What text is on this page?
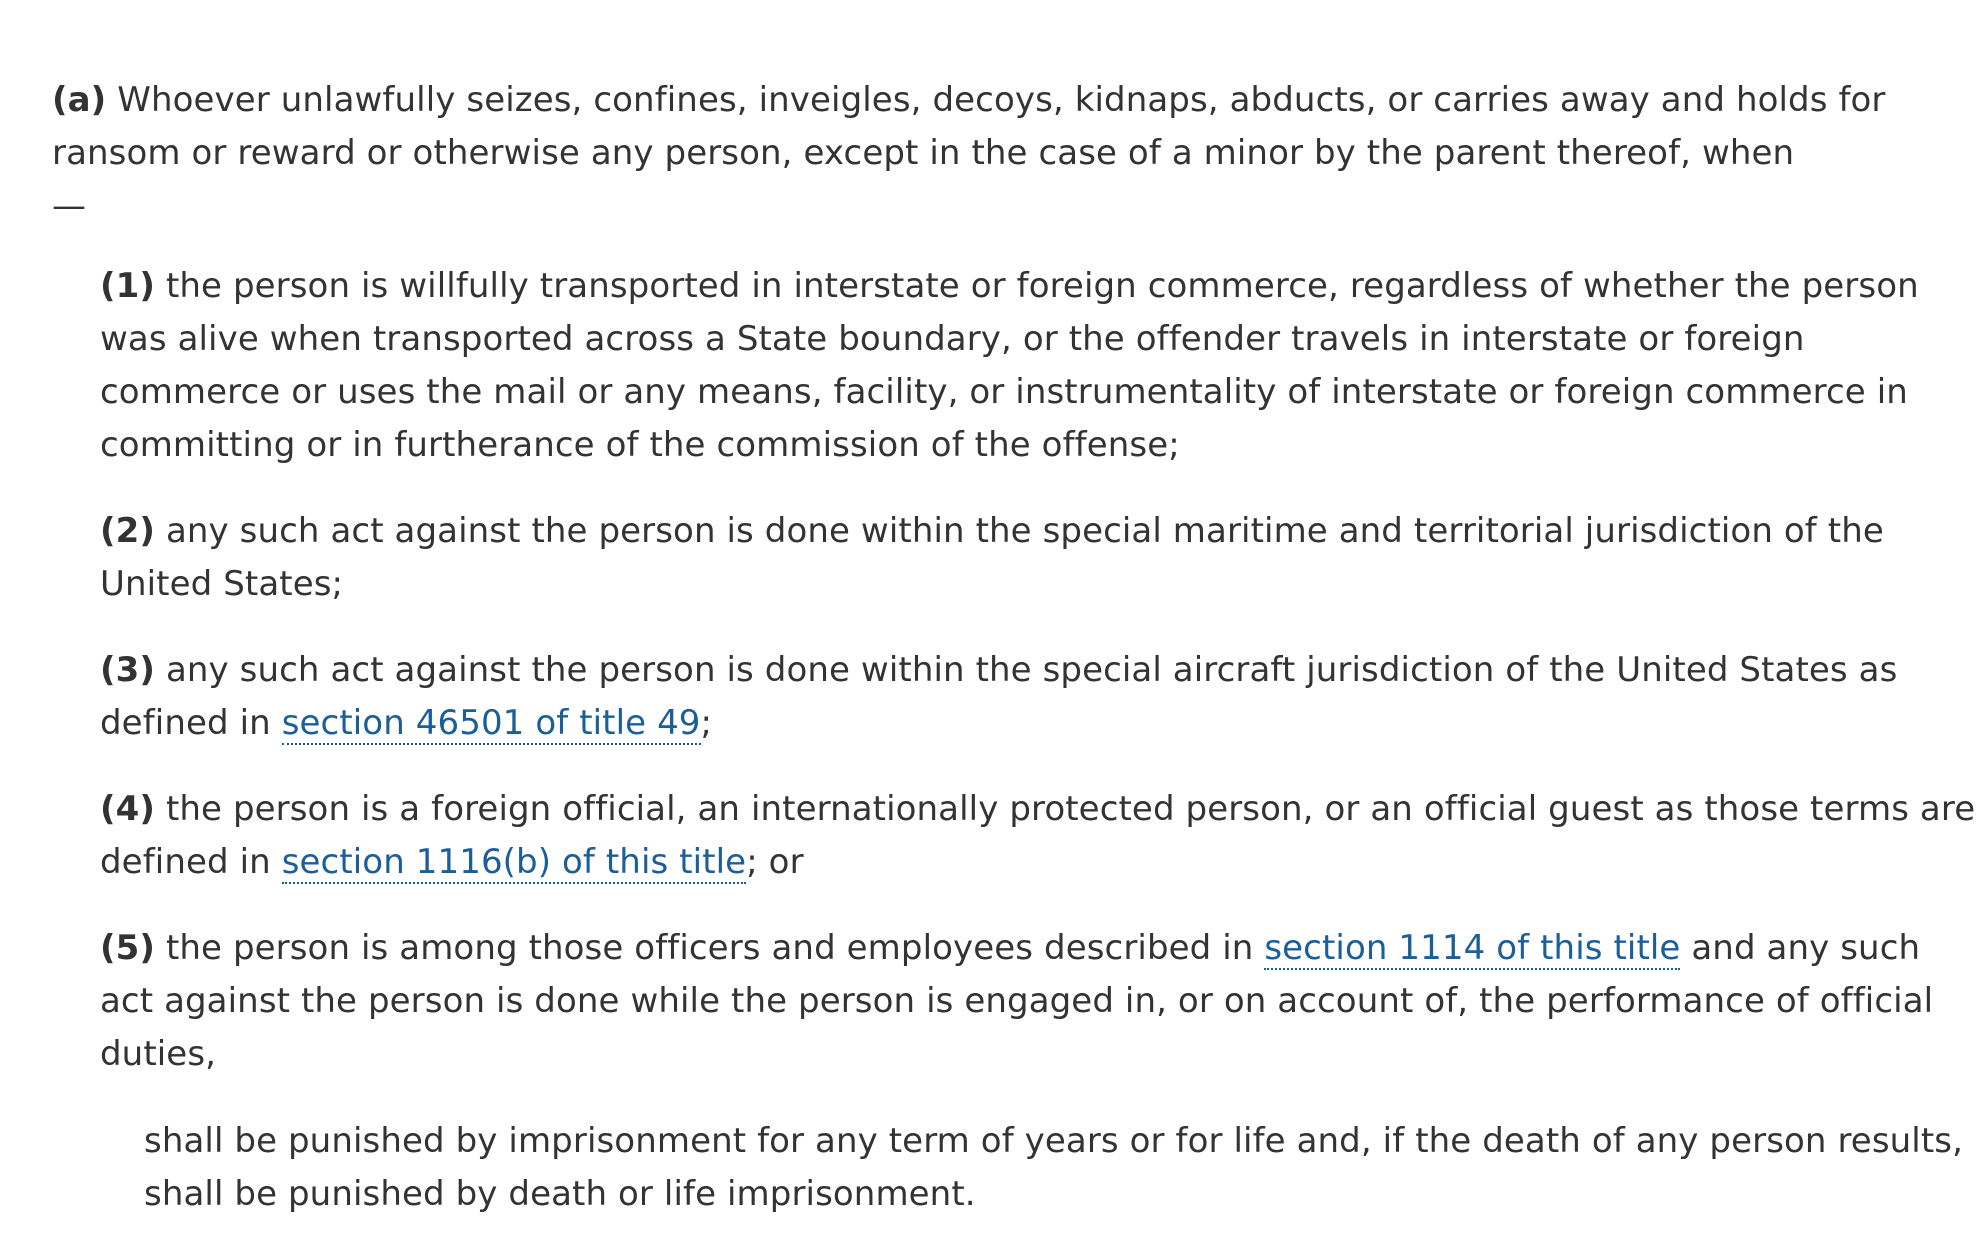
(a) Whoever unlawfully seizes, confines, inveigles, decoys, kidnaps, abducts, or carries away and holds for ransom or reward or otherwise any person, except in the case of a minor by the parent thereof, when
—

(1) the person is willfully transported in interstate or foreign commerce, regardless of whether the person was alive when transported across a State boundary, or the offender travels in interstate or foreign commerce or uses the mail or any means, facility, or instrumentality of interstate or foreign commerce in committing or in furtherance of the commission of the offense;

(2) any such act against the person is done within the special maritime and territorial jurisdiction of the United States;

(3) any such act against the person is done within the special aircraft jurisdiction of the United States as defined in section 46501 of title 49;

(4) the person is a foreign official, an internationally protected person, or an official guest as those terms are defined in section 1116(b) of this title; or

(5) the person is among those officers and employees described in section 1114 of this title and any such act against the person is done while the person is engaged in, or on account of, the performance of official duties,

shall be punished by imprisonment for any term of years or for life and, if the death of any person results, shall be punished by death or life imprisonment.
